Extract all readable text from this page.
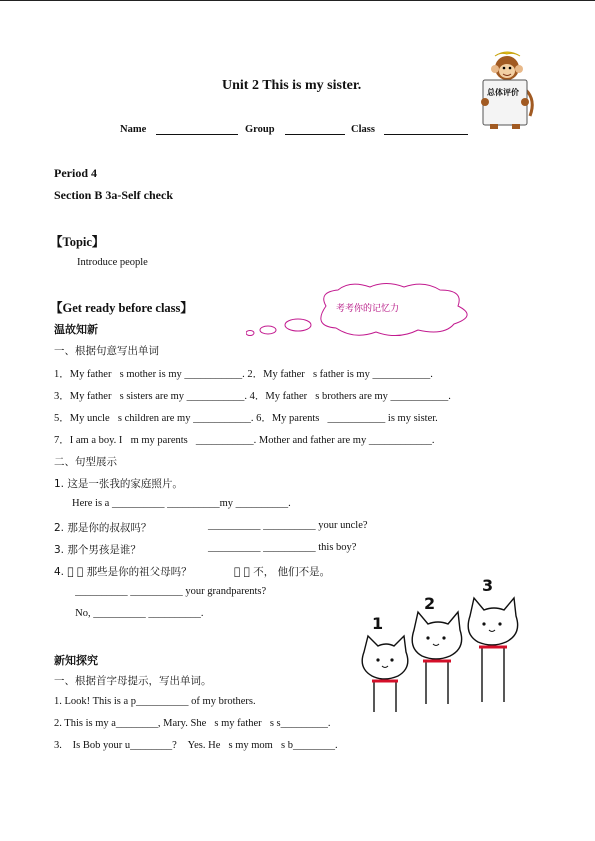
Unit 2 This is my sister.	总体评价
Name	Group	Class
Period 4
Section B 3a-Self check
【Topic】
Introduce people
【Get ready before class】	考考你的记忆力
温故知新
一、根据句意写出单词
1．My father s mother is my ___________. 2．My father s father is my ___________.
3．My father s sisters are my ___________. 4．My father s brothers are my ___________.
5．My uncle s children are my ___________. 6．My parents ___________ is my sister.
7．I am a boy. I m my parents ___________. Mother and father are my ____________.
二、句型展示
1. 这是一张我的家庭照片。
Here is a __________ __________my __________.
2. 那是你的叔叔吗？	__________ __________ your uncle?
3. 那个男孩是谁？	__________ __________ this boy?
4.     那些是你的祖父母吗？	    不， 他们不是。
 __________ __________ your grandparents?
 No, __________ __________.
1
2
3
新知探究
一、根据首字母提示，写出单词。
1. Look! This is a p__________ of my brothers.
2. This is my a________, Mary. She s my father s s_________.
3.  Is Bob your u________?  Yes. He s my mom s b________.
